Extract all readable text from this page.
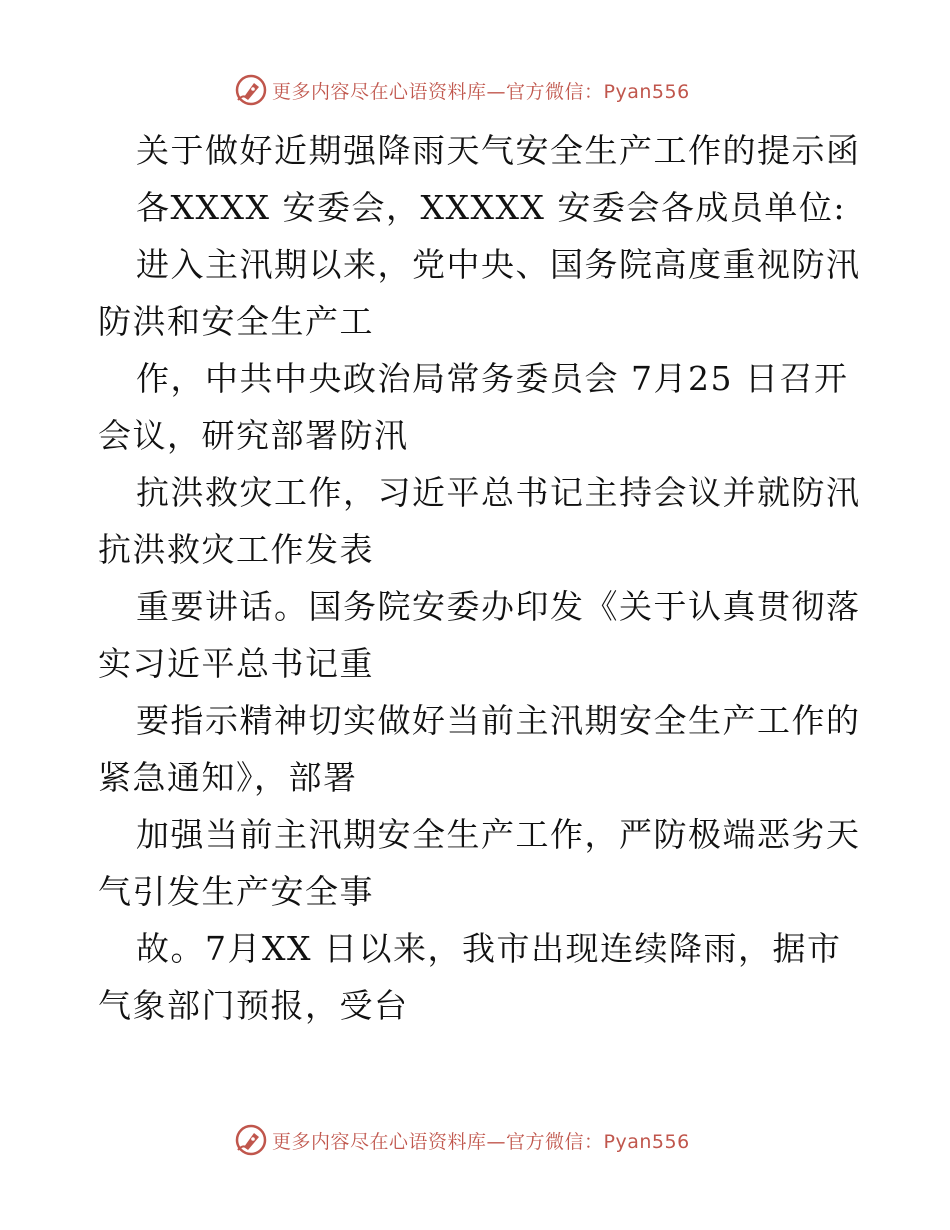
更多内容尽在心语资料库—官方微信：Pyan556
关于做好近期强降雨天气安全生产工作的提示函
各XXXX 安委会，XXXXX 安委会各成员单位:
进入主汛期以来，党中央、国务院高度重视防汛
防洪和安全生产工
作，中共中央政治局常务委员会 7月25 日召开
会议，研究部署防汛
抗洪救灾工作，习近平总书记主持会议并就防汛
抗洪救灾工作发表
重要讲话。国务院安委办印发《关于认真贯彻落
实习近平总书记重
要指示精神切实做好当前主汛期安全生产工作的
紧急通知》，部署
加强当前主汛期安全生产工作，严防极端恶劣天
气引发生产安全事
故。7月XX 日以来，我市出现连续降雨，据市
气象部门预报，受台
更多内容尽在心语资料库—官方微信：Pyan556
